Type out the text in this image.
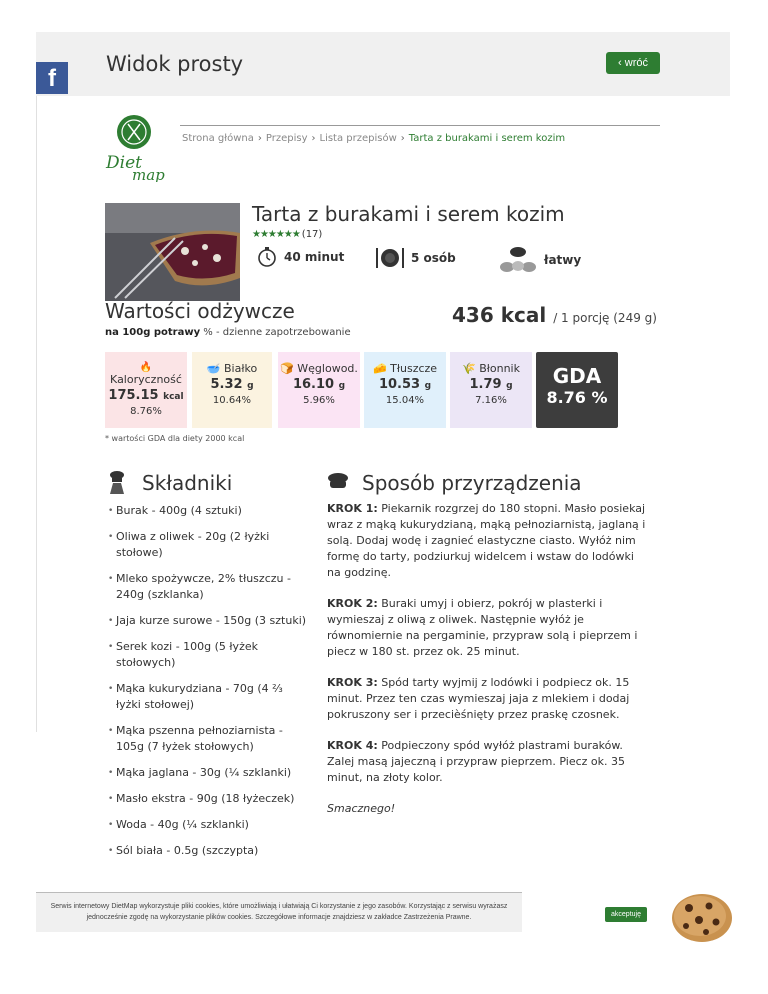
Widok prosty	‹ wróć
f
Diet
map
Strona główna › Przepisy › Lista przepisów › Tarta z burakami i serem kozim
Tarta z burakami i serem kozim
★★★★★★ (17)
40 minut	5 osób	łatwy
Wartości odżywcze	436 kcal / 1 porcję (249 g)
na 100g potrawy % - dzienne zapotrzebowanie
🔥
Kaloryczność
175.15 kcal
8.76%
🥣 Białko
5.32 g
10.64%
🍞 Węglowod.
16.10 g
5.96%
🧀 Tłuszcze
10.53 g
15.04%
🌾 Błonnik
1.79 g
7.16%
GDA
8.76 %
* wartości GDA dla diety 2000 kcal
Składniki	Sposób przyrządzenia
• Burak - 400g (4 sztuki)
• Oliwa z oliwek - 20g (2 łyżki stołowe)
• Mleko spożywcze, 2% tłuszczu - 240g (szklanka)
• Jaja kurze surowe - 150g (3 sztuki)
• Serek kozi - 100g (5 łyżek stołowych)
• Mąka kukurydziana - 70g (4 ⅔ łyżki stołowej)
• Mąka pszenna pełnoziarnista - 105g (7 łyżek stołowych)
• Mąka jaglana - 30g (¼ szklanki)
• Masło ekstra - 90g (18 łyżeczek)
• Woda - 40g (¼ szklanki)
• Sól biała - 0.5g (szczypta)

KROK 1: Piekarnik rozgrzej do 180 stopni. Masło posiekaj wraz z mąką kukurydzianą, mąką pełnoziarnistą, jaglaną i solą. Dodaj wodę i zagnieć elastyczne ciasto. Wyłóż nim formę do tarty, podziurkuj widelcem i wstaw do lodówki na godzinę.

KROK 2: Buraki umyj i obierz, pokrój w plasterki i wymieszaj z oliwą z oliwek. Następnie wyłóż je równomiernie na pergaminie, przypraw solą i pieprzem i piecz w 180 st. przez ok. 25 minut.

KROK 3: Spód tarty wyjmij z lodówki i podpiecz ok. 15 minut. Przez ten czas wymieszaj jaja z mlekiem i dodaj pokruszony ser i przecièśnięty przez praskę czosnek.

KROK 4: Podpieczony spód wyłóż plastrami buraków. Zalej masą jajeczną i przypraw pieprzem. Piecz ok. 35 minut, na złoty kolor.

Smacznego!

Serwis internetowy DietMap wykorzystuje pliki cookies, które umożliwiają i ułatwiają Ci korzystanie z jego zasobów. Korzystając z serwisu wyrażasz jednocześnie zgodę na wykorzystanie plików cookies. Szczegółowe informacje znajdziesz w zakładce Zastrzeżenia Prawne.	akceptuję
